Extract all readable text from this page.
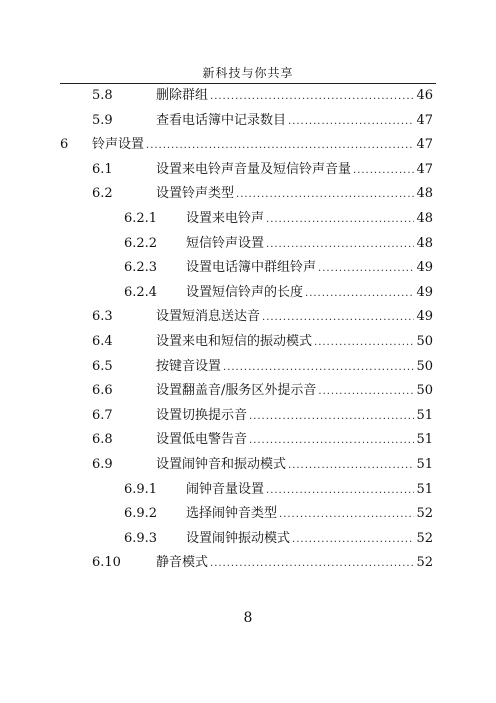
新科技与你共享
5.8	删除群组 .....	46
5.9	查看电话簿中记录数目 .....	47
6	铃声设置 .....	47
6.1	设置来电铃声音量及短信铃声音量 .....	47
6.2	设置铃声类型 .....	48
6.2.1	设置来电铃声 .....	48
6.2.2	短信铃声设置 .....	48
6.2.3	设置电话簿中群组铃声 .....	49
6.2.4	设置短信铃声的长度 .....	49
6.3	设置短消息送达音 .....	49
6.4	设置来电和短信的振动模式 .....	50
6.5	按键音设置 .....	50
6.6	设置翻盖音/服务区外提示音 .....	50
6.7	设置切换提示音 .....	51
6.8	设置低电警告音 .....	51
6.9	设置闹钟音和振动模式 .....	51
6.9.1	闹钟音量设置 .....	51
6.9.2	选择闹钟音类型 .....	52
6.9.3	设置闹钟振动模式 .....	52
6.10	静音模式 .....	52
8
